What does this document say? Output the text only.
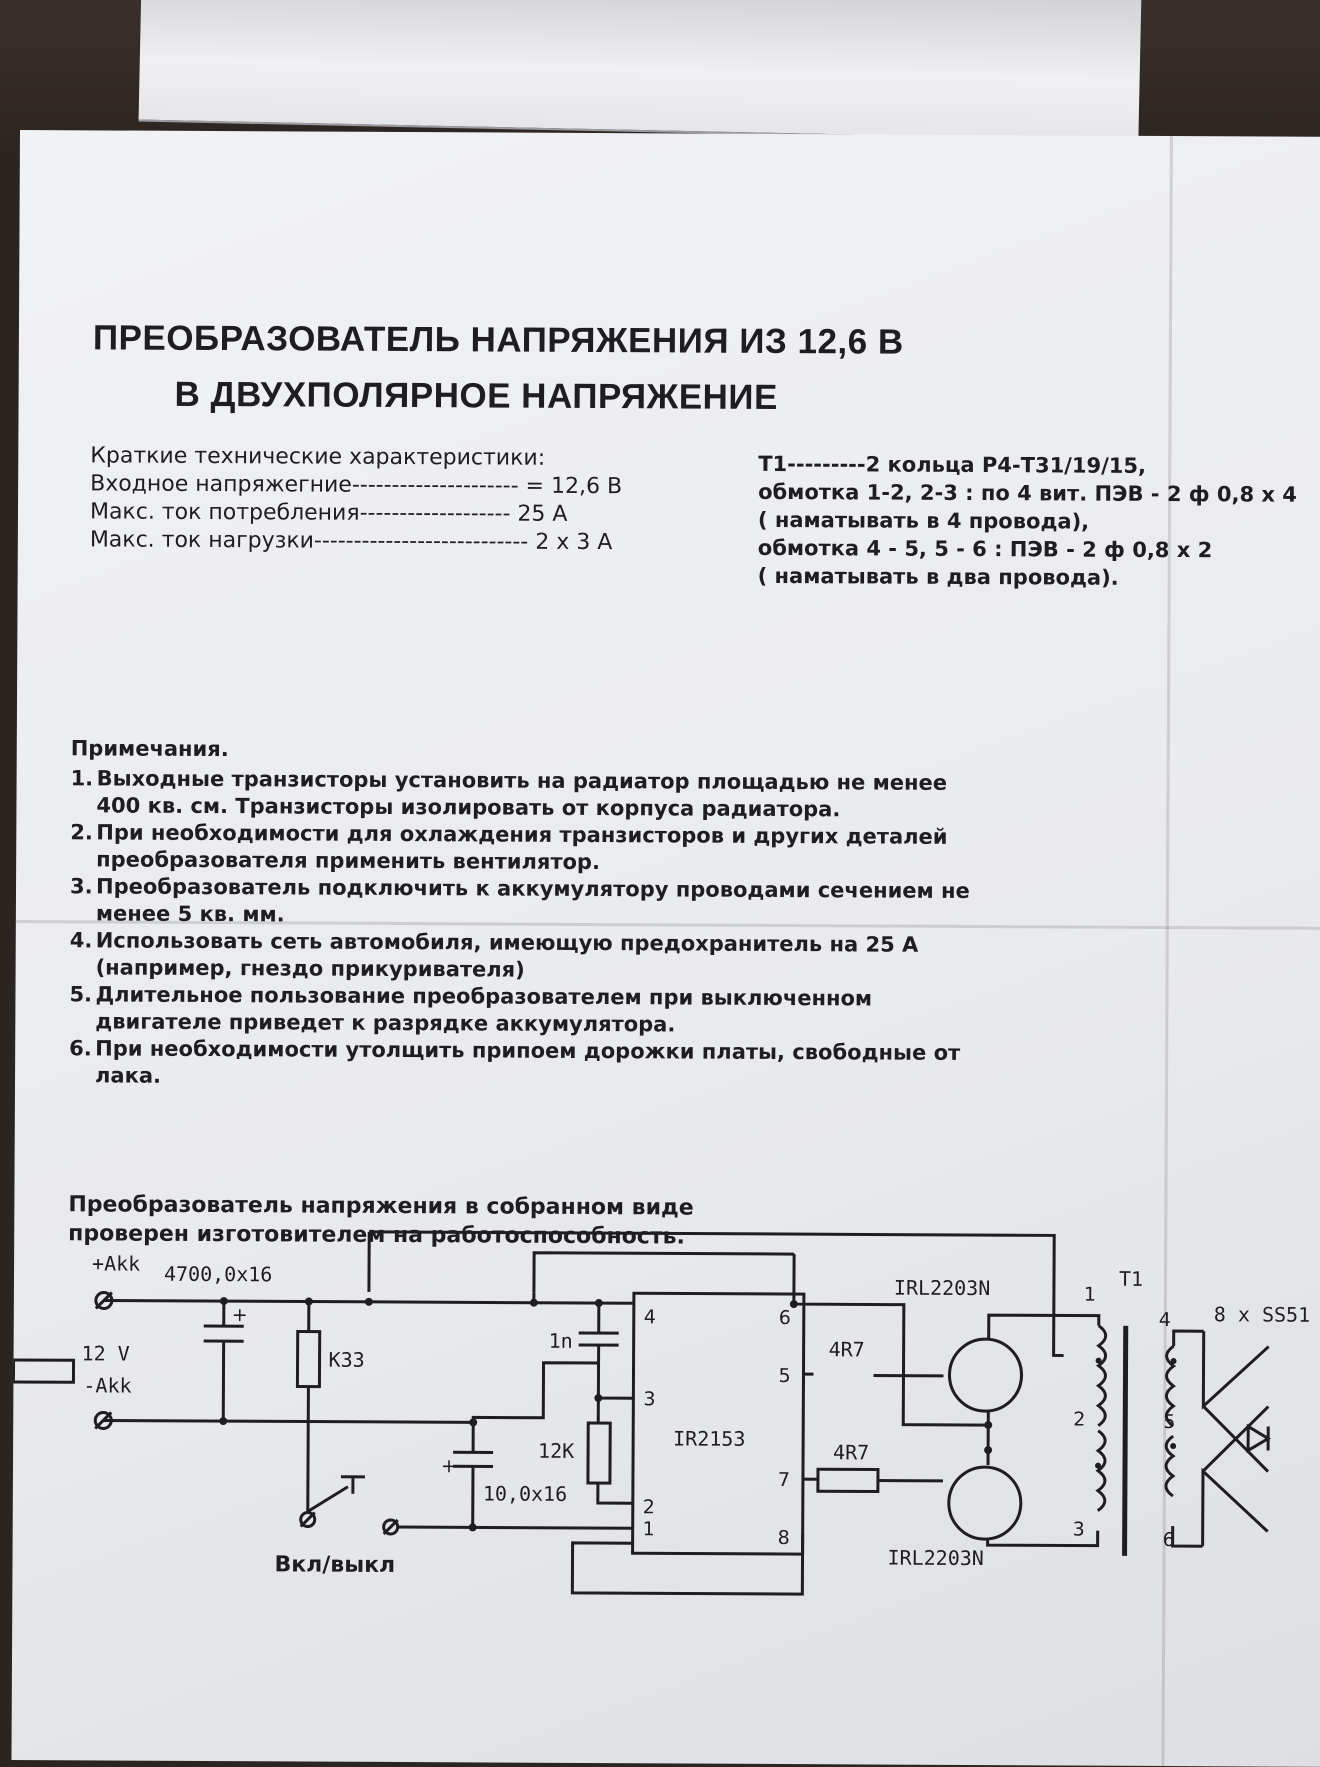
ПРЕОБРАЗОВАТЕЛЬ НАПРЯЖЕНИЯ ИЗ 12,6 В
В ДВУХПОЛЯРНОЕ НАПРЯЖЕНИЕ
Краткие технические характеристики:
Входное напряжегние--------------------- = 12,6 В
Макс. ток потребления------------------- 25 А
Макс. ток нагрузки--------------------------- 2 х 3 А
Т1---------2 кольца Р4-Т31/19/15,
обмотка 1-2, 2-3 : по 4 вит. ПЭВ - 2 ф 0,8 х 4
( наматывать в 4 провода),
обмотка 4 - 5, 5 - 6 : ПЭВ - 2 ф 0,8 х 2
( наматывать в два провода).
Примечания.
1. Выходные транзисторы установить на радиатор площадью не менее 400 кв. см. Транзисторы изолировать от корпуса радиатора.
2. При необходимости для охлаждения транзисторов и других деталей преобразователя применить вентилятор.
3. Преобразователь подключить к аккумулятору проводами сечением не менее 5 кв. мм.
4. Использовать сеть автомобиля, имеющую предохранитель на 25 А (например, гнездо прикуривателя)
5. Длительное пользование преобразователем при выключенном двигателе приведет к разрядке аккумулятора.
6. При необходимости утолщить припоем дорожки платы, свободные от лака.
Преобразователь напряжения в собранном виде
проверен изготовителем на работоспособность.
+Akk 4700,0x16
+
12 V
-Akk
K33
1n
12K
+
10,0x16
Вкл/выкл
IR2153
4	6
5
3
7
2
1	8
4R7
4R7
IRL2203N
IRL2203N
T1
1
2
3
4
5
6
8 x SS51
